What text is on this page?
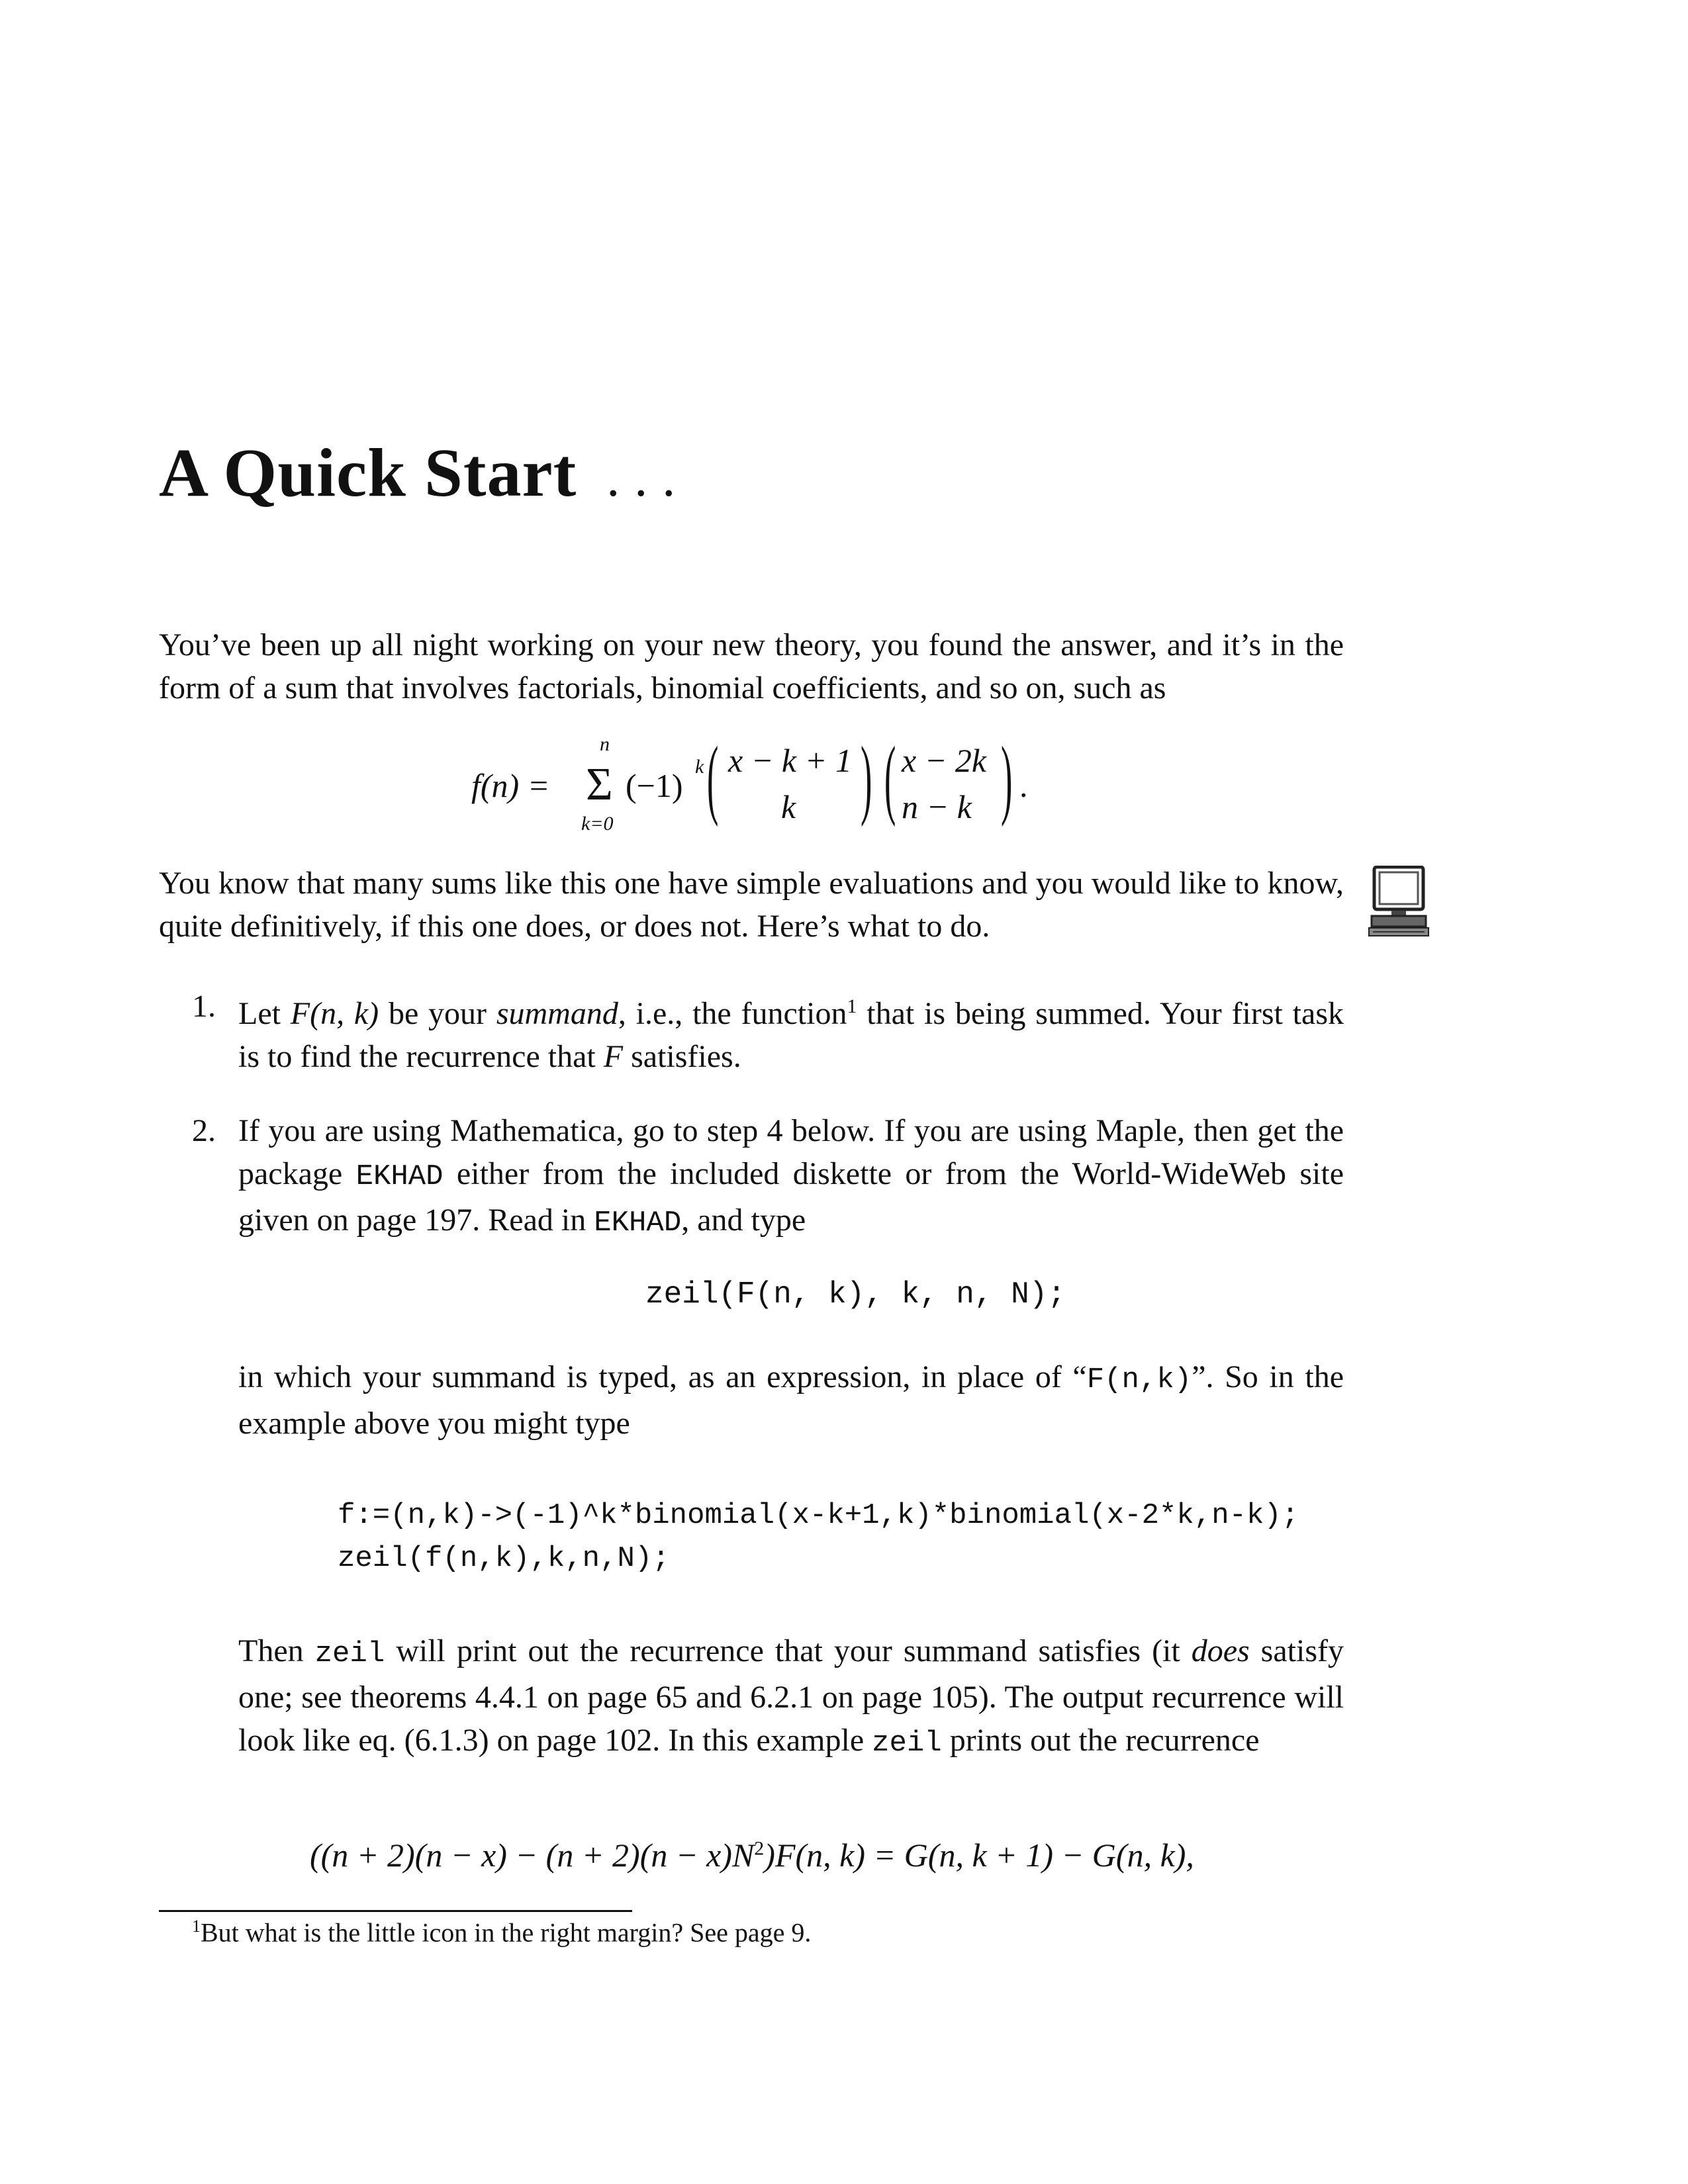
A Quick Start . . .
You’ve been up all night working on your new theory, you found the answer, and it’s in the form of a sum that involves factorials, binomial coefficients, and so on, such as
f(n) =
n
Σ
k=0
(−1)
k ( x − k + 1
k ) ( x − 2k
n − k ) .
You know that many sums like this one have simple evaluations and you would like to know, quite definitively, if this one does, or does not. Here’s what to do.
1. Let F(n, k) be your summand, i.e., the function$^1$ that is being summed. Your first task is to find the recurrence that F satisfies.
2. If you are using Mathematica, go to step 4 below. If you are using Maple, then get the package EKHAD either from the included diskette or from the World-WideWeb site given on page 197. Read in EKHAD, and type
zeil(F(n, k), k, n, N);
in which your summand is typed, as an expression, in place of “F(n,k)”. So in the example above you might type
f:=(n,k)->(-1)^k*binomial(x-k+1,k)*binomial(x-2*k,n-k);
zeil(f(n,k),k,n,N);
Then zeil will print out the recurrence that your summand satisfies (it does satisfy one; see theorems 4.4.1 on page 65 and 6.2.1 on page 105). The output recurrence will look like eq. (6.1.3) on page 102. In this example zeil prints out the recurrence
$((n + 2)(n - x) - (n + 2)(n - x)N^2)F(n$, k) = G(n, k + 1) − G(n, k),
$^1$But what is the little icon in the right margin? See page 9.
